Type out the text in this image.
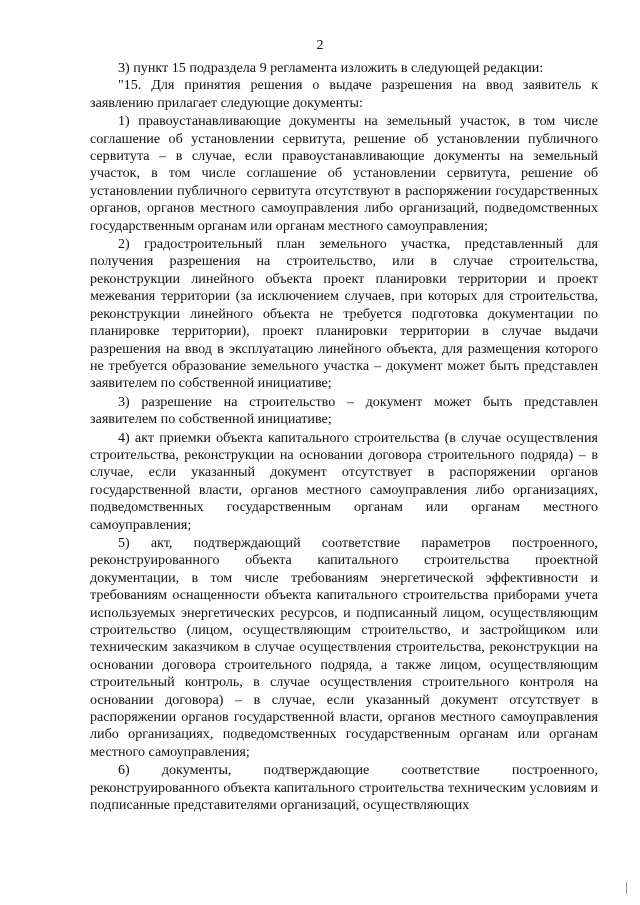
2

3) пункт 15 подраздела 9 регламента изложить в следующей редакции:

"15. Для принятия решения о выдаче разрешения на ввод заявитель к заявлению прилагает следующие документы:

1) правоустанавливающие документы на земельный участок, в том числе соглашение об установлении сервитута, решение об установлении публичного сервитута – в случае, если правоустанавливающие документы на земельный участок, в том числе соглашение об установлении сервитута, решение об установлении публичного сервитута отсутствуют в распоряжении государственных органов, органов местного самоуправления либо организаций, подведомственных государственным органам или органам местного самоуправления;

2) градостроительный план земельного участка, представленный для получения разрешения на строительство, или в случае строительства, реконструкции линейного объекта проект планировки территории и проект межевания территории (за исключением случаев, при которых для строительства, реконструкции линейного объекта не требуется подготовка документации по планировке территории), проект планировки территории в случае выдачи разрешения на ввод в эксплуатацию линейного объекта, для размещения которого не требуется образование земельного участка – документ может быть представлен заявителем по собственной инициативе;

3) разрешение на строительство – документ может быть представлен заявителем по собственной инициативе;

4) акт приемки объекта капитального строительства (в случае осуществления строительства, реконструкции на основании договора строительного подряда) – в случае, если указанный документ отсутствует в распоряжении органов государственной власти, органов местного самоуправления либо организациях, подведомственных государственным органам или органам местного самоуправления;

5) акт, подтверждающий соответствие параметров построенного, реконструированного объекта капитального строительства проектной документации, в том числе требованиям энергетической эффективности и требованиям оснащенности объекта капитального строительства приборами учета используемых энергетических ресурсов, и подписанный лицом, осуществляющим строительство (лицом, осуществляющим строительство, и застройщиком или техническим заказчиком в случае осуществления строительства, реконструкции на основании договора строительного подряда, а также лицом, осуществляющим строительный контроль, в случае осуществления строительного контроля на основании договора) – в случае, если указанный документ отсутствует в распоряжении органов государственной власти, органов местного самоуправления либо организациях, подведомственных государственным органам или органам местного самоуправления;

6) документы, подтверждающие соответствие построенного, реконструированного объекта капитального строительства техническим условиям и подписанные представителями организаций, осуществляющих
